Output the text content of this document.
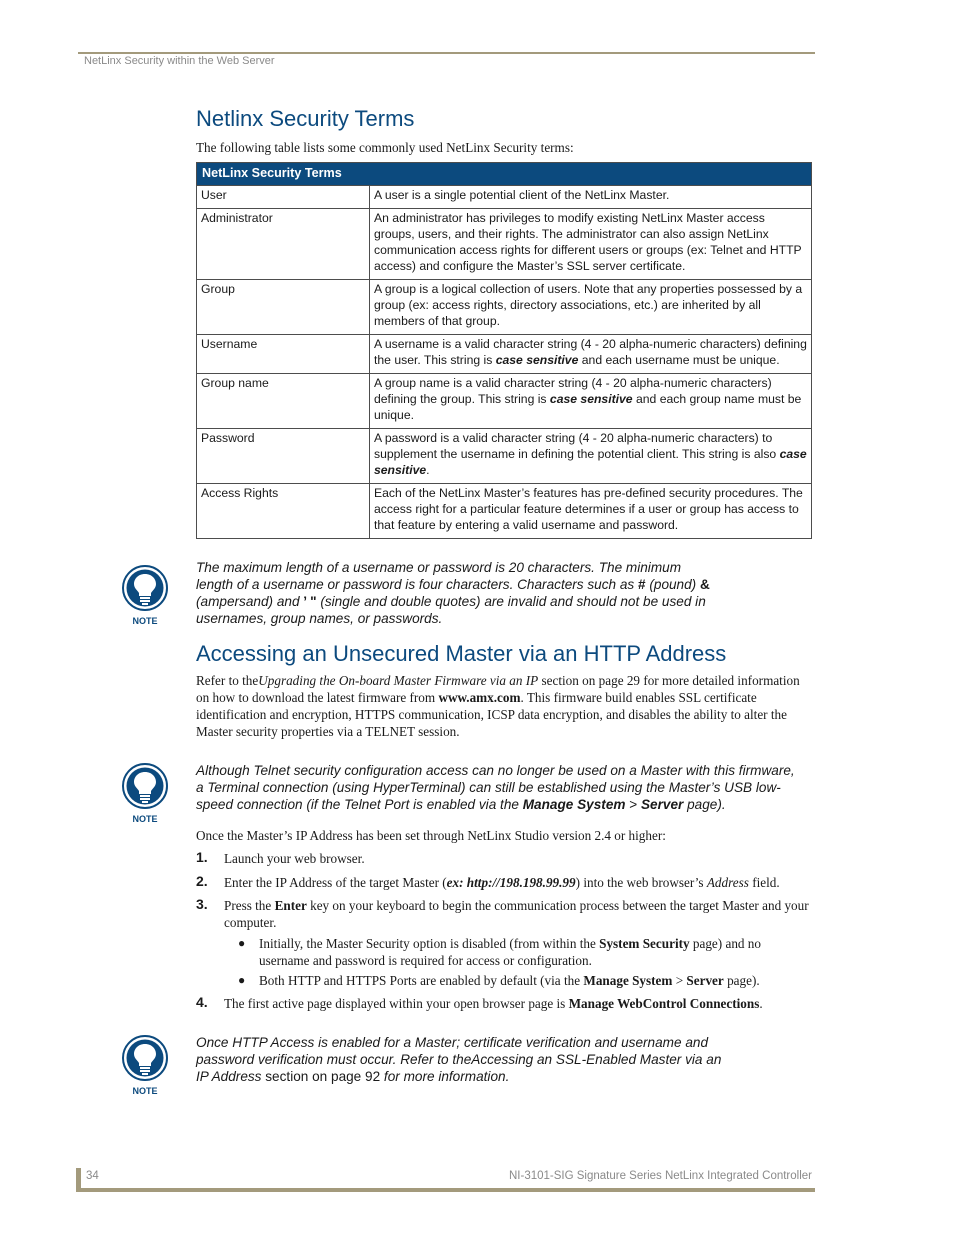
NetLinx Security within the Web Server
Netlinx Security Terms
The following table lists some commonly used NetLinx Security terms:
NetLinx Security Terms	
User	A user is a single potential client of the NetLinx Master.
Administrator	An administrator has privileges to modify existing NetLinx Master access groups, users, and their rights. The administrator can also assign NetLinx communication access rights for different users or groups (ex: Telnet and HTTP access) and configure the Master’s SSL server certificate.
Group	A group is a logical collection of users. Note that any properties possessed by a group (ex: access rights, directory associations, etc.) are inherited by all members of that group.
Username	A username is a valid character string (4 - 20 alpha-numeric characters) defining the user. This string is case sensitive and each username must be unique.
Group name	A group name is a valid character string (4 - 20 alpha-numeric characters) defining the group. This string is case sensitive and each group name must be unique.
Password	A password is a valid character string (4 - 20 alpha-numeric characters) to supplement the username in defining the potential client. This string is also case sensitive.
Access Rights	Each of the NetLinx Master’s features has pre-defined security procedures. The access right for a particular feature determines if a user or group has access to that feature by entering a valid username and password.
NOTE
The maximum length of a username or password is 20 characters. The minimum length of a username or password is four characters. Characters such as # (pound) & (ampersand) and ’ " (single and double quotes) are invalid and should not be used in usernames, group names, or passwords.
Accessing an Unsecured Master via an HTTP Address
Refer to theUpgrading the On-board Master Firmware via an IP section on page 29 for more detailed information on how to download the latest firmware from www.amx.com. This firmware build enables SSL certificate identification and encryption, HTTPS communication, ICSP data encryption, and disables the ability to alter the Master security properties via a TELNET session.
NOTE
Although Telnet security configuration access can no longer be used on a Master with this firmware, a Terminal connection (using HyperTerminal) can still be established using the Master’s USB low-speed connection (if the Telnet Port is enabled via the Manage System > Server page).
Once the Master’s IP Address has been set through NetLinx Studio version 2.4 or higher:
1. Launch your web browser.
2. Enter the IP Address of the target Master (ex: http://198.198.99.99) into the web browser’s Address field.
3. Press the Enter key on your keyboard to begin the communication process between the target Master and your computer.
● Initially, the Master Security option is disabled (from within the System Security page) and no username and password is required for access or configuration.
● Both HTTP and HTTPS Ports are enabled by default (via the Manage System > Server page).
4. The first active page displayed within your open browser page is Manage WebControl Connections.
NOTE
Once HTTP Access is enabled for a Master; certificate verification and username and password verification must occur. Refer to theAccessing an SSL-Enabled Master via an IP Address section on page 92 for more information.
34	NI-3101-SIG Signature Series NetLinx Integrated Controller
